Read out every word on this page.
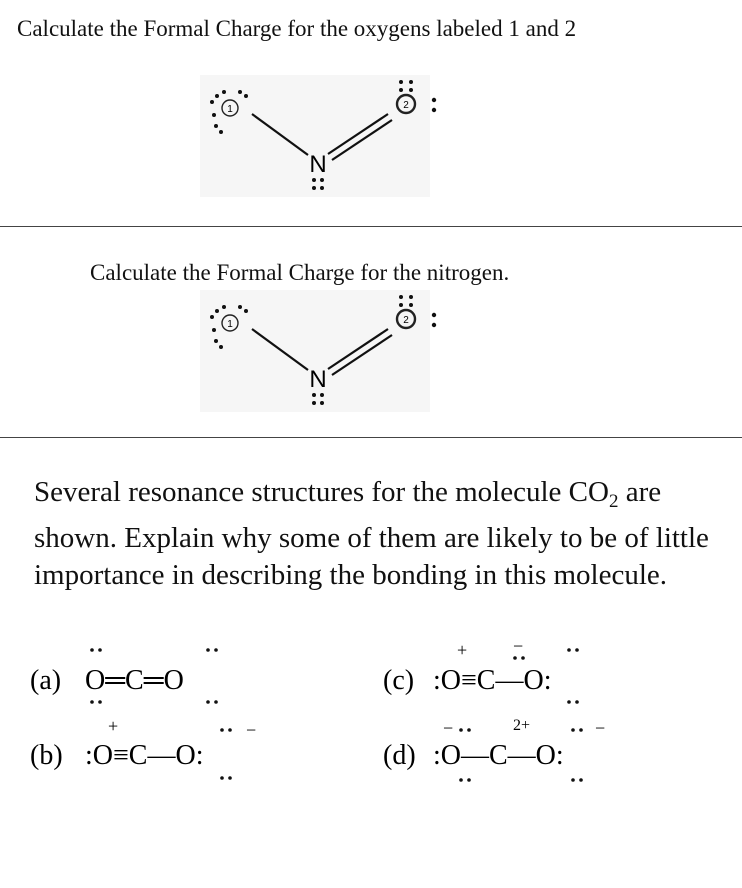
Calculate the Formal Charge for the oxygens labeled 1 and 2
1
N
2
Calculate the Formal Charge for the nitrogen.
1
N
2
Several resonance structures for the molecule $CO_2$ are shown. Explain why some of them are likely to be of little importance in describing the bonding in this molecule.
(a) O═C═O
(b) :O≡C—O:
+	−
(c) :O≡C—O:
+	−
(d) :O—C—O:
−	2+	−
